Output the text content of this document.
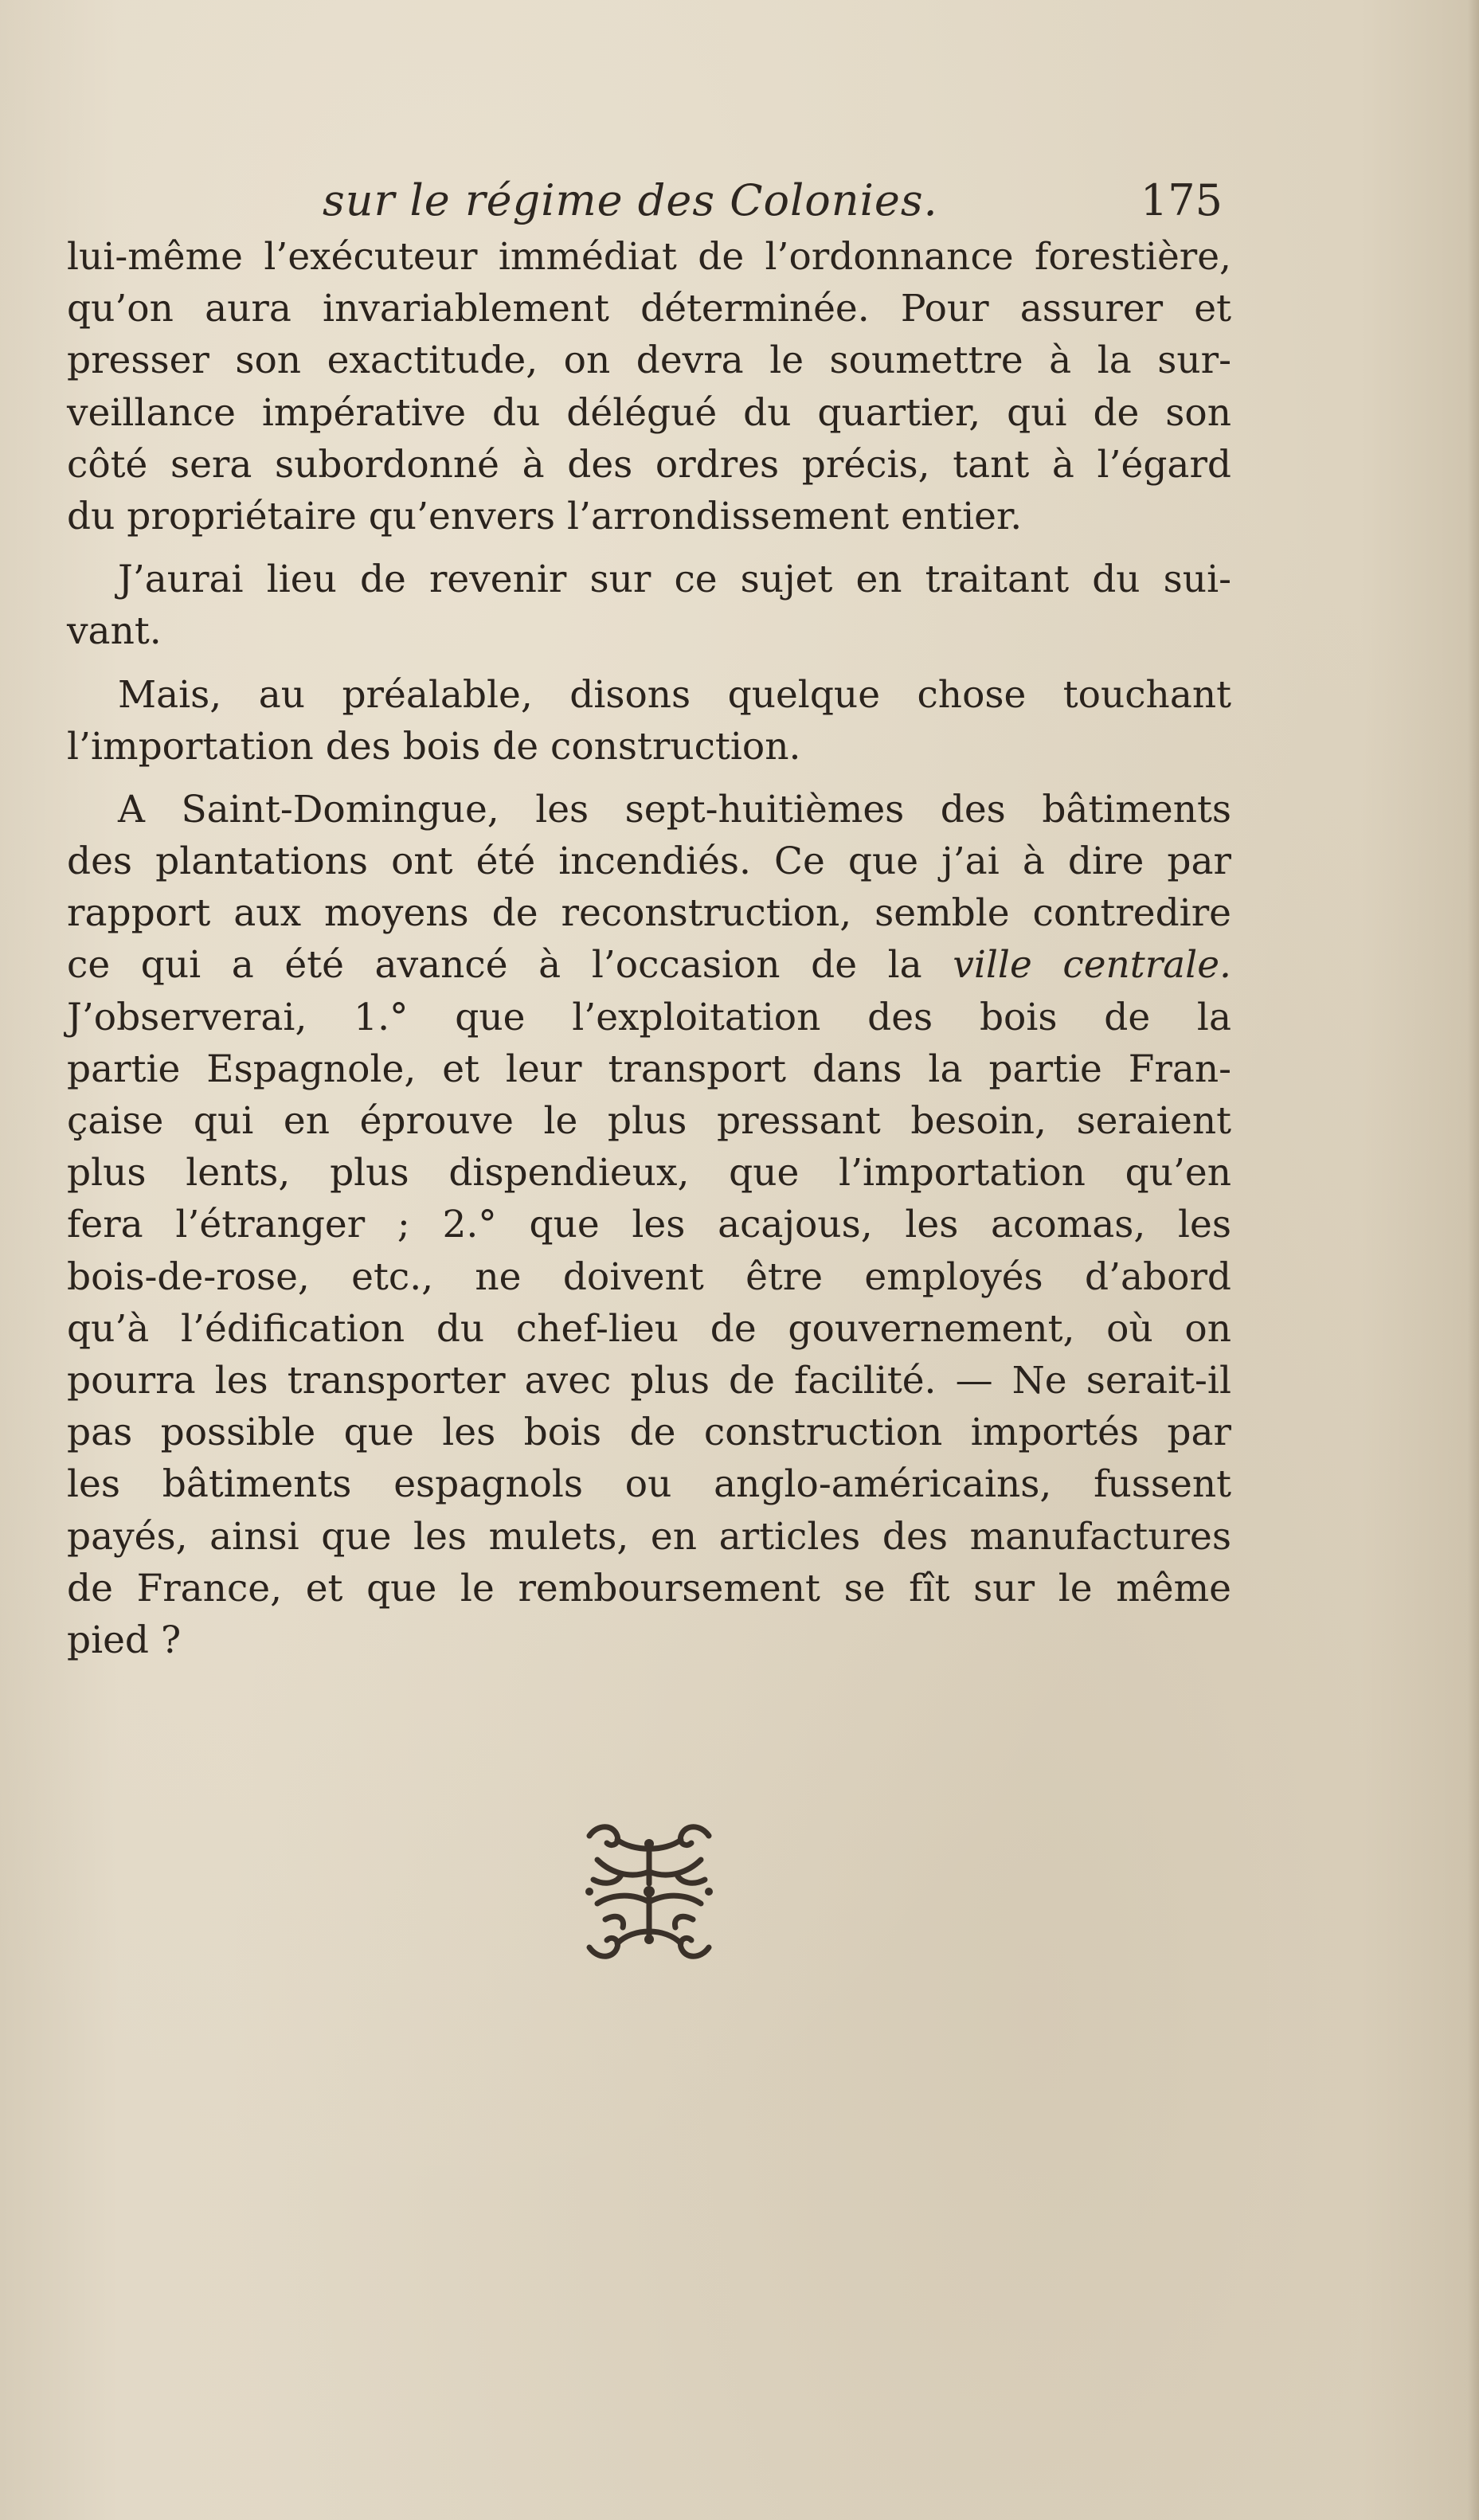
sur le régime des Colonies.	175
lui-même l’exécuteur immédiat de l’ordonnance forestière,
qu’on aura invariablement déterminée. Pour assurer et
presser son exactitude, on devra le soumettre à la sur-
veillance impérative du délégué du quartier, qui de son
côté sera subordonné à des ordres précis, tant à l’égard
du propriétaire qu’envers l’arrondissement entier.
J’aurai lieu de revenir sur ce sujet en traitant du sui-
vant.
Mais, au préalable, disons quelque chose touchant
l’importation des bois de construction.
A Saint-Domingue, les sept-huitièmes des bâtiments
des plantations ont été incendiés. Ce que j’ai à dire par
rapport aux moyens de reconstruction, semble contredire
ce qui a été avancé à l’occasion de la ville centrale.
J’observerai, 1.° que l’exploitation des bois de la
partie Espagnole, et leur transport dans la partie Fran-
çaise qui en éprouve le plus pressant besoin, seraient
plus lents, plus dispendieux, que l’importation qu’en
fera l’étranger ; 2.° que les acajous, les acomas, les
bois-de-rose, etc., ne doivent être employés d’abord
qu’à l’édification du chef-lieu de gouvernement, où on
pourra les transporter avec plus de facilité. — Ne serait-il
pas possible que les bois de construction importés par
les bâtiments espagnols ou anglo-américains, fussent
payés, ainsi que les mulets, en articles des manufactures
de France, et que le remboursement se fît sur le même
pied ?
